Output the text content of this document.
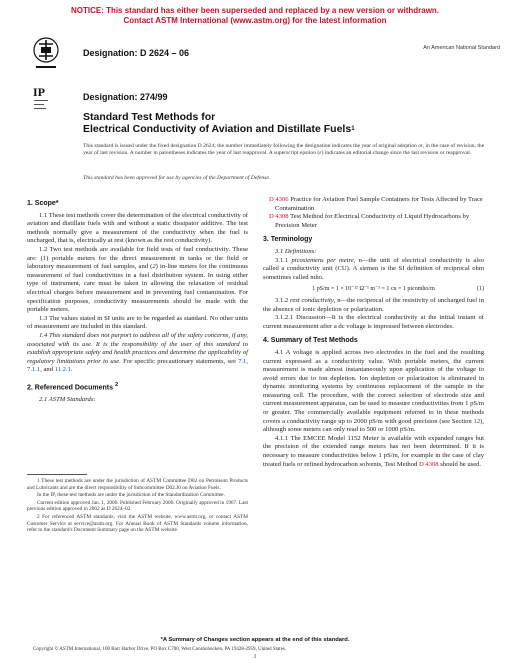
NOTICE: This standard has either been superseded and replaced by a new version or withdrawn.
Contact ASTM International (www.astm.org) for the latest information
IP
Designation: D 2624 – 06
Designation: 274/99
An American National Standard
Standard Test Methods for
Electrical Conductivity of Aviation and Distillate Fuels$^1$
This standard is issued under the fixed designation D 2624; the number immediately following the designation indicates the year of original adoption or, in the case of revision, the year of last revision. A number in parentheses indicates the year of last reapproval. A superscript epsilon (ε) indicates an editorial change since the last revision or reapproval.
This standard has been approved for use by agencies of the Department of Defense.
1. Scope*

1.1 These test methods cover the determination of the electrical conductivity of aviation and distillate fuels with and without a static dissipator additive. The test methods normally give a measurement of the conductivity when the fuel is uncharged, that is, electrically at rest (known as the rest conductivity).

1.2 Two test methods are available for field tests of fuel conductivity. These are: (1) portable meters for the direct measurement in tanks or the field or laboratory measurement of fuel samples, and (2) in-line meters for the continuous measurement of fuel conductivities in a fuel distribution system. In using either type of instrument, care must be taken in allowing the relaxation of residual electrical charges before measurement and in preventing fuel contamination. For specification purposes, conductivity measurements should be made with the portable meters.

1.3 The values stated in SI units are to be regarded as standard. No other units of measurement are included in this standard.

1.4 This standard does not purport to address all of the safety concerns, if any, associated with its use. It is the responsibility of the user of this standard to establish appropriate safety and health practices and determine the applicability of regulatory limitations prior to use. For specific precautionary statements, see 7.1, 7.1.1, and 11.2.1.

2. Referenced Documents $^2$

2.1 ASTM Standards:

1 These test methods are under the jurisdiction of ASTM Committee D02 on Petroleum Products and Lubricants and are the direct responsibility of Subcommittee D02.J0 on Aviation Fuels.

In the IP, these test methods are under the jurisdiction of the Standardization Committee.

Current edition approved Jan. 1, 2006. Published February 2006. Originally approved in 1967. Last previous edition approved in 2002 as D 2624–02.

2 For referenced ASTM standards, visit the ASTM website, www.astm.org, or contact ASTM Customer Service at service@astm.org. For Annual Book of ASTM Standards volume information, refer to the standard's Document Summary page on the ASTM website.

D 4306 Practice for Aviation Fuel Sample Containers for Tests Affected by Trace Contamination
D 4308 Test Method for Electrical Conductivity of Liquid Hydrocarbons by Precision Meter
3. Terminology

3.1 Definitions:

3.1.1 picosiemens per metre, n—the unit of electrical conductivity is also called a conductivity unit (CU). A siemen is the SI definition of reciprocal ohm sometimes called mho.

1 pS/m = 1 × 10⁻¹² Ω⁻¹ m⁻¹ = 1 cu = 1 picomho/m	(1)

3.1.2 rest conductivity, n—the reciprocal of the resistivity of uncharged fuel in the absence of ionic depletion or polarization.

3.1.2.1 Discussion—It is the electrical conductivity at the initial instant of current measurement after a dc voltage is impressed between electrodes.

4. Summary of Test Methods

4.1 A voltage is applied across two electrodes in the fuel and the resulting current expressed as a conductivity value. With portable meters, the current measurement is made almost instantaneously upon application of the voltage to avoid errors due to ion depletion. Ion depletion or polarization is eliminated in dynamic monitoring systems by continuous replacement of the sample in the measuring cell. The procedure, with the correct selection of electrode size and current measurement apparatus, can be used to measure conductivities from 1 pS/m or greater. The commercially available equipment referred to in these methods covers a conductivity range up to 2000 pS/m with good precision (see Section 12), although some meters can only read to 500 or 1000 pS/m.

4.1.1 The EMCEE Model 1152 Meter is available with expanded ranges but the precision of the extended range meters has not been determined. If it is necessary to measure conductivities below 1 pS/m, for example in the case of clay treated fuels or refined hydrocarbon solvents, Test Method D 4308 should be used.

*A Summary of Changes section appears at the end of this standard.
Copyright © ASTM International, 100 Barr Harbor Drive, PO Box C700, West Conshohocken, PA 19428-2959, United States.
1
